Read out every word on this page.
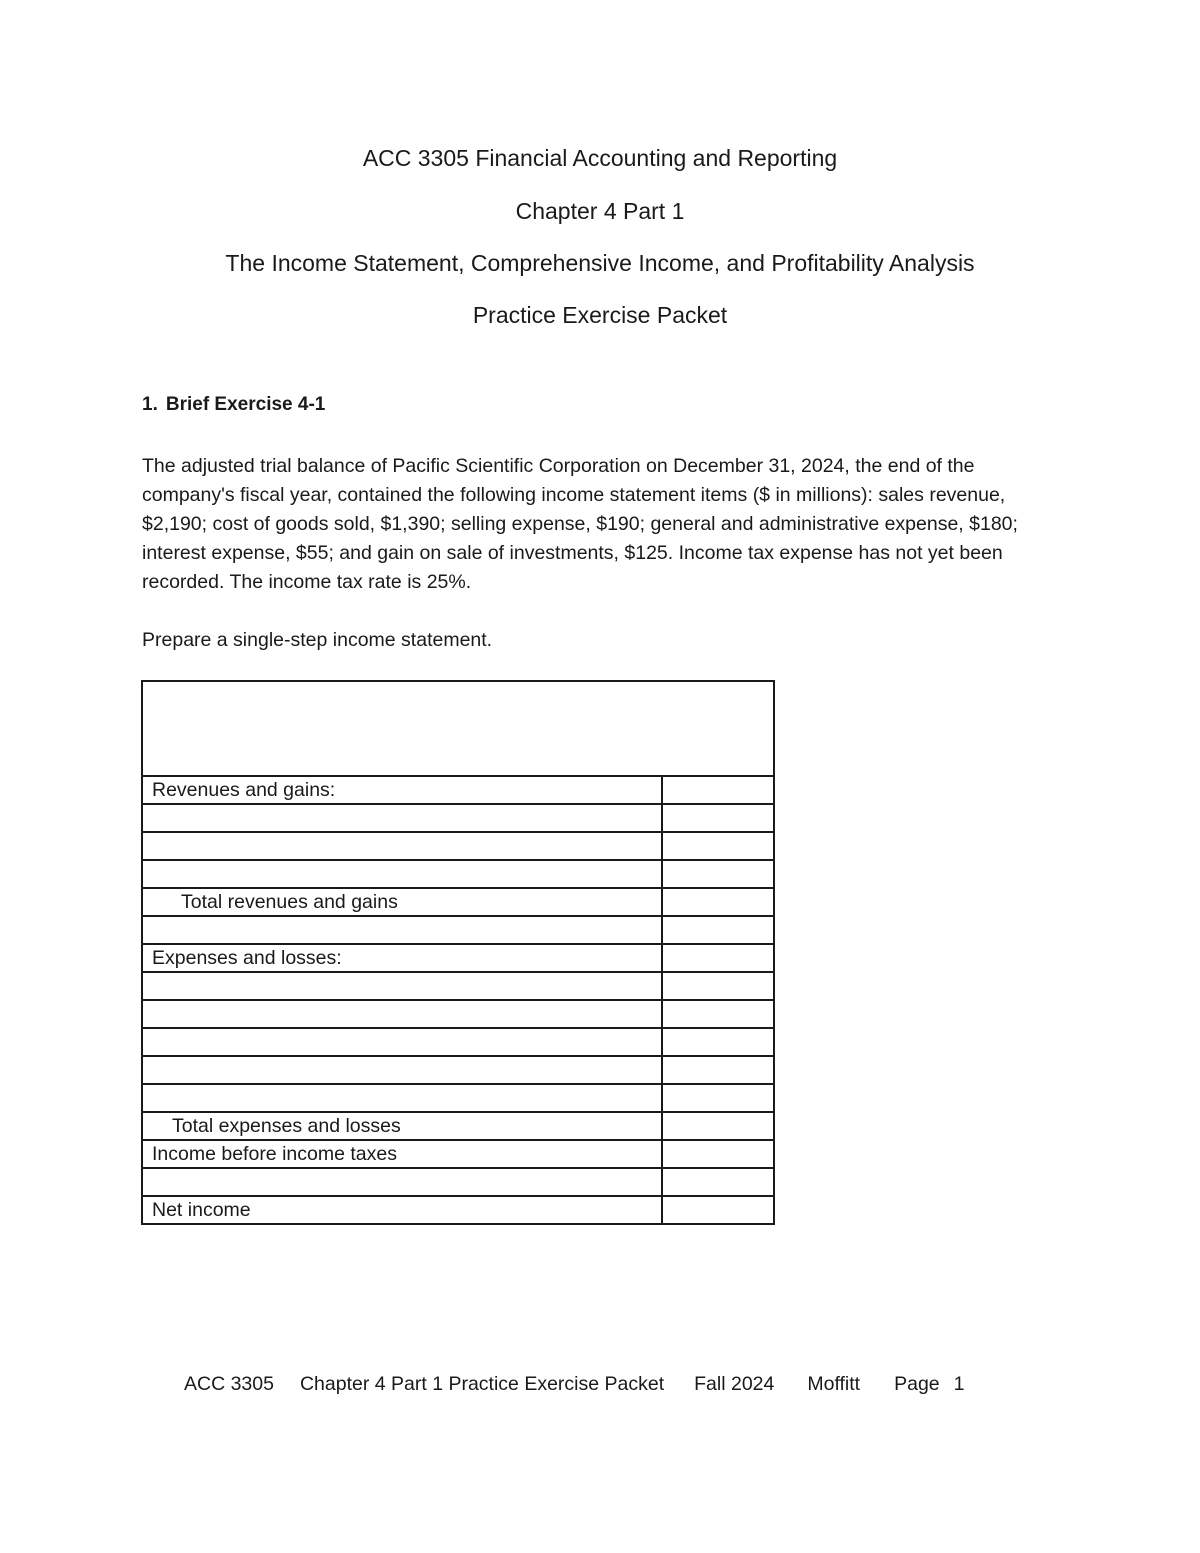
ACC 3305 Financial Accounting and Reporting
Chapter 4 Part 1
The Income Statement, Comprehensive Income, and Profitability Analysis
Practice Exercise Packet
1. Brief Exercise 4-1

The adjusted trial balance of Pacific Scientific Corporation on December 31, 2024, the end of the company's fiscal year, contained the following income statement items ($ in millions): sales revenue, $2,190; cost of goods sold, $1,390; selling expense, $190; general and administrative expense, $180; interest expense, $55; and gain on sale of investments, $125. Income tax expense has not yet been recorded. The income tax rate is 25%.

Prepare a single-step income statement.

Revenues and gains:	

Total revenues and gains	

Expenses and losses:	

Total expenses and losses	
Income before income taxes	

Net income	
ACC 3305 Chapter 4 Part 1 Practice Exercise Packet Fall 2024 Moffitt Page 1
